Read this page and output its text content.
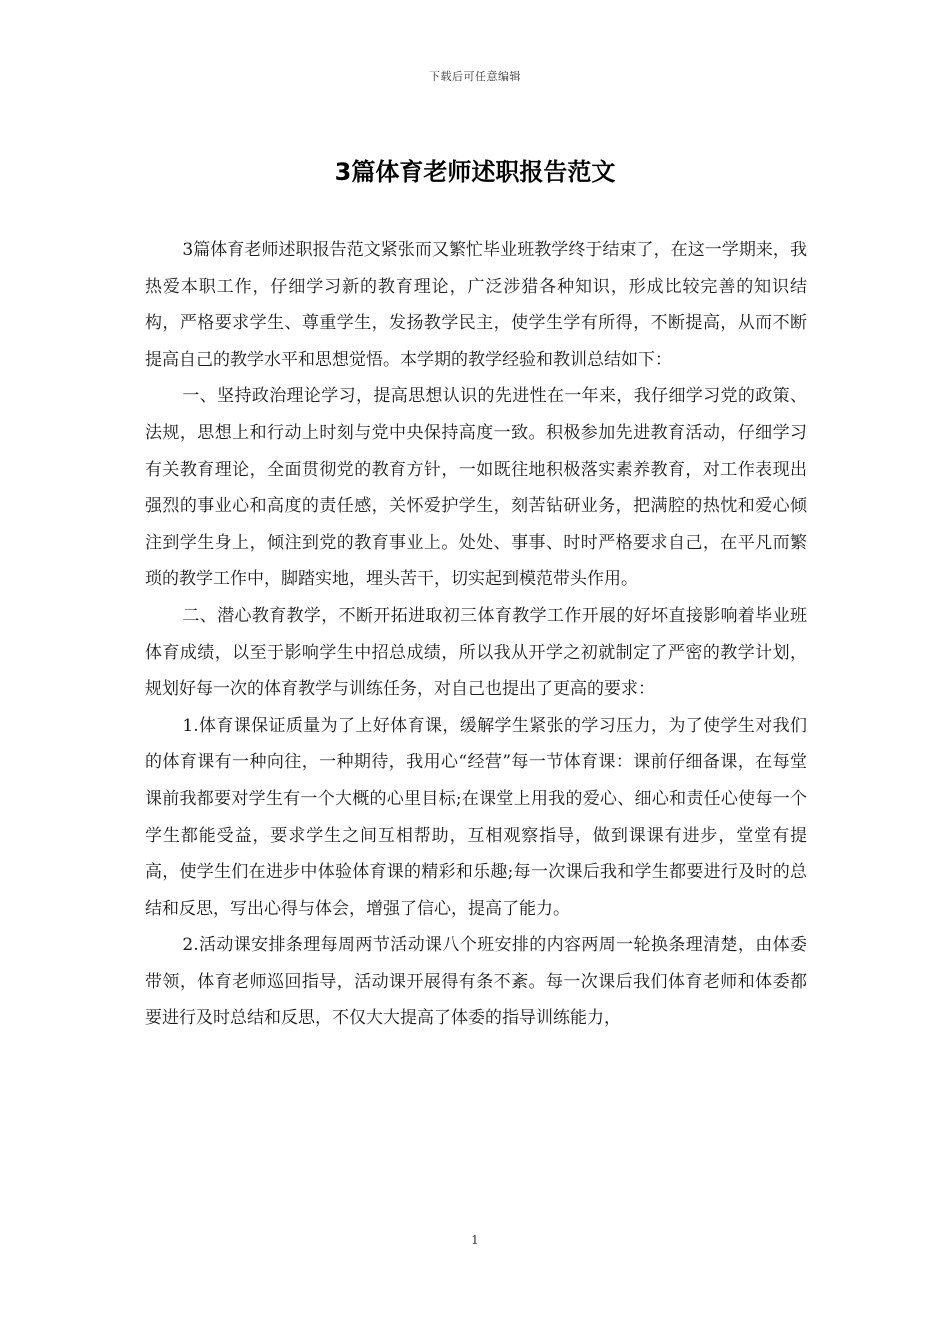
下载后可任意编辑
3篇体育老师述职报告范文

3篇体育老师述职报告范文紧张而又繁忙毕业班教学终于结束了，在这一学期来，我热爱本职工作，仔细学习新的教育理论，广泛涉猎各种知识，形成比较完善的知识结构，严格要求学生、尊重学生，发扬教学民主，使学生学有所得，不断提高，从而不断提高自己的教学水平和思想觉悟。本学期的教学经验和教训总结如下：

一、坚持政治理论学习，提高思想认识的先进性在一年来，我仔细学习党的政策、法规，思想上和行动上时刻与党中央保持高度一致。积极参加先进教育活动，仔细学习有关教育理论，全面贯彻党的教育方针，一如既往地积极落实素养教育，对工作表现出强烈的事业心和高度的责任感，关怀爱护学生，刻苦钻研业务，把满腔的热忱和爱心倾注到学生身上，倾注到党的教育事业上。处处、事事、时时严格要求自己，在平凡而繁琐的教学工作中，脚踏实地，埋头苦干，切实起到模范带头作用。

二、潜心教育教学，不断开拓进取初三体育教学工作开展的好坏直接影响着毕业班体育成绩，以至于影响学生中招总成绩，所以我从开学之初就制定了严密的教学计划，规划好每一次的体育教学与训练任务，对自己也提出了更高的要求：

1.体育课保证质量为了上好体育课，缓解学生紧张的学习压力，为了使学生对我们的体育课有一种向往，一种期待，我用心“经营”每一节体育课：课前仔细备课，在每堂课前我都要对学生有一个大概的心里目标;在课堂上用我的爱心、细心和责任心使每一个学生都能受益，要求学生之间互相帮助，互相观察指导，做到课课有进步，堂堂有提高，使学生们在进步中体验体育课的精彩和乐趣;每一次课后我和学生都要进行及时的总结和反思，写出心得与体会，增强了信心，提高了能力。

2.活动课安排条理每周两节活动课八个班安排的内容两周一轮换条理清楚，由体委带领，体育老师巡回指导，活动课开展得有条不紊。每一次课后我们体育老师和体委都要进行及时总结和反思，不仅大大提高了体委的指导训练能力，

1
